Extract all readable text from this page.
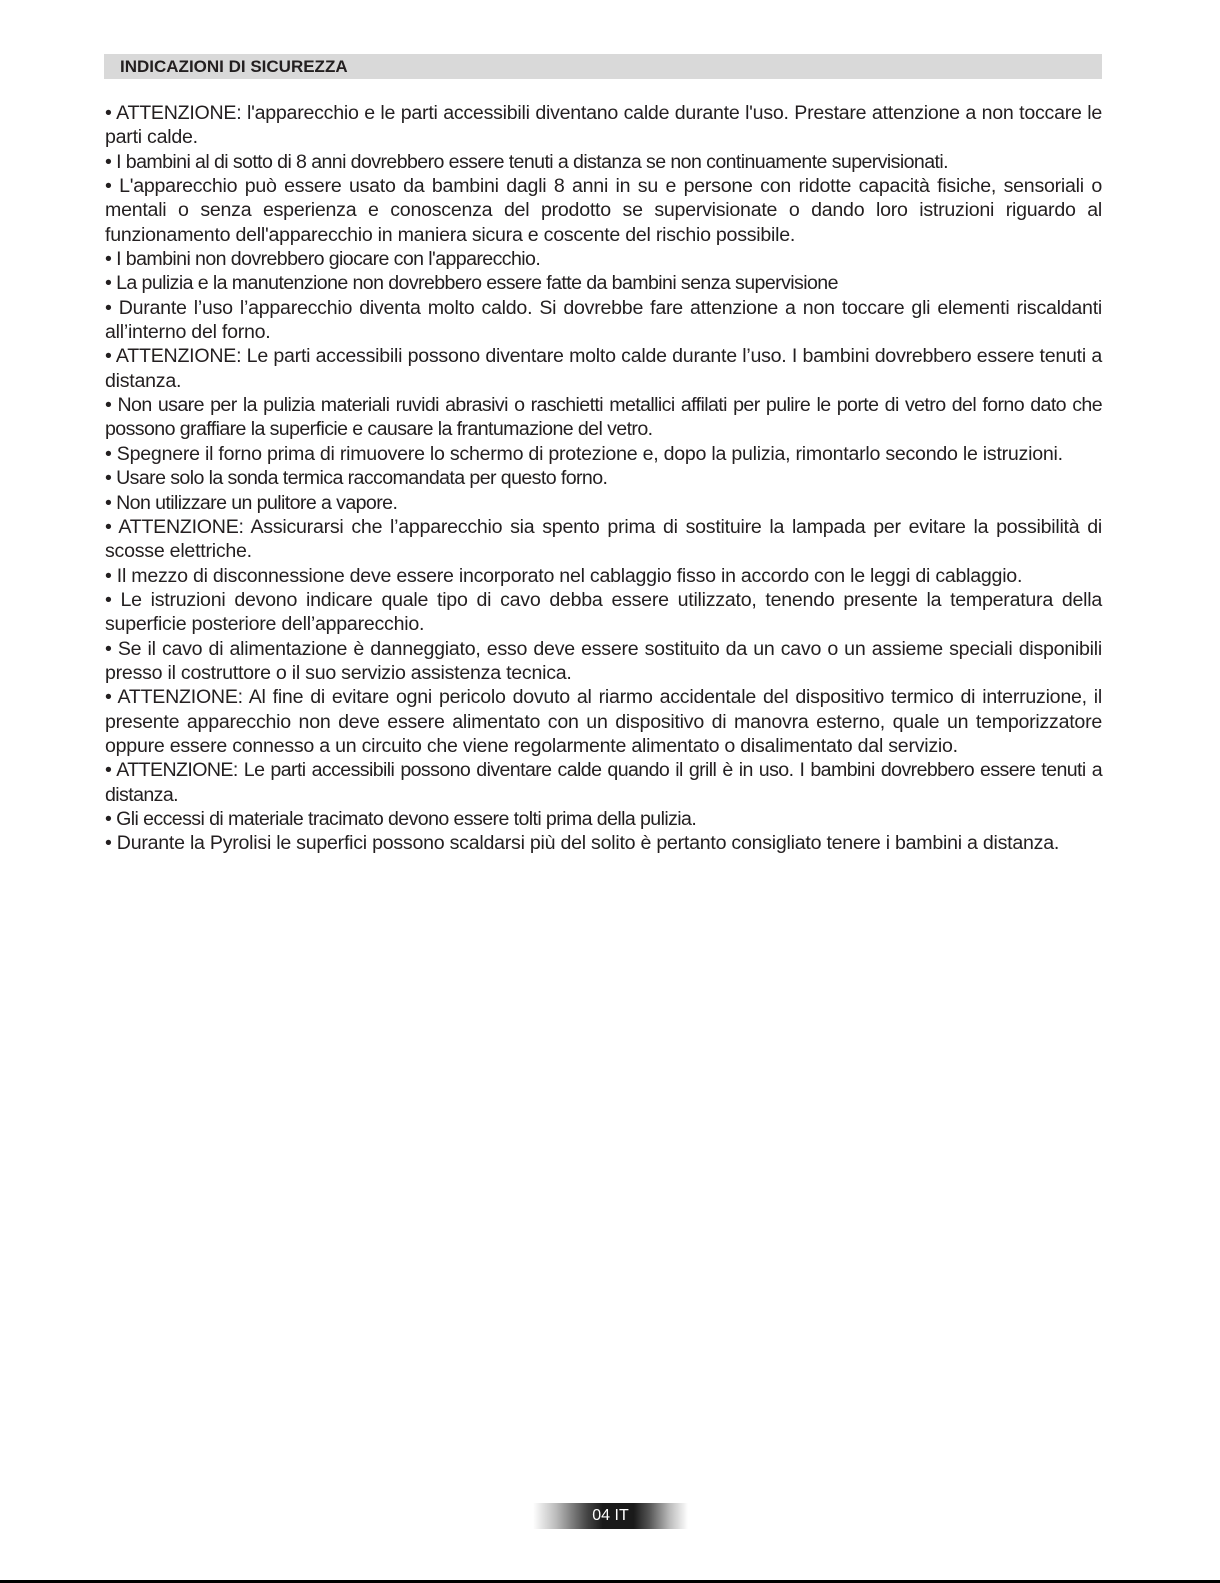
INDICAZIONI DI SICUREZZA

• ATTENZIONE: l'apparecchio e le parti accessibili diventano calde durante l'uso. Prestare attenzione a non toccare le parti calde.

• I bambini al di sotto di 8 anni dovrebbero essere tenuti a distanza se non continuamente supervisionati.

• L'apparecchio può essere usato da bambini dagli 8 anni in su e persone con ridotte capacità fisiche, sensoriali o mentali o senza esperienza e conoscenza del prodotto se supervisionate o dando loro istruzioni riguardo al funzionamento dell'apparecchio in maniera sicura e coscente del rischio possibile.

• I bambini non dovrebbero giocare con l'apparecchio.

• La pulizia e la manutenzione non dovrebbero essere fatte da bambini senza supervisione

• Durante l’uso l’apparecchio diventa molto caldo. Si dovrebbe fare attenzione a non toccare gli elementi riscaldanti all’interno del forno.

• ATTENZIONE: Le parti accessibili possono diventare molto calde durante l’uso. I bambini dovrebbero essere tenuti a distanza.

• Non usare per la pulizia materiali ruvidi abrasivi o raschietti metallici affilati per pulire le porte di vetro del forno dato che possono graffiare la superficie e causare la frantumazione del vetro.

• Spegnere il forno prima di rimuovere lo schermo di protezione e, dopo la pulizia, rimontarlo secondo le istruzioni.

• Usare solo la sonda termica raccomandata per questo forno.

• Non utilizzare un pulitore a vapore.

• ATTENZIONE: Assicurarsi che l’apparecchio sia spento prima di sostituire la lampada per evitare la possibilità di scosse elettriche.

• Il mezzo di disconnessione deve essere incorporato nel cablaggio fisso in accordo con le leggi di cablaggio.

• Le istruzioni devono indicare quale tipo di cavo debba essere utilizzato, tenendo presente la temperatura della superficie posteriore dell’apparecchio.

• Se il cavo di alimentazione è danneggiato, esso deve essere sostituito da un cavo o un assieme speciali disponibili presso il costruttore o il suo servizio assistenza tecnica.

• ATTENZIONE: Al fine di evitare ogni pericolo dovuto al riarmo accidentale del dispositivo termico di interruzione, il presente apparecchio non deve essere alimentato con un dispositivo di manovra esterno, quale un temporizzatore oppure essere connesso a un circuito che viene regolarmente alimentato o disalimentato dal servizio.

• ATTENZIONE: Le parti accessibili possono diventare calde quando il grill è in uso. I bambini dovrebbero essere tenuti a distanza.

• Gli eccessi di materiale tracimato devono essere tolti prima della pulizia.

• Durante la Pyrolisi le superfici possono scaldarsi più del solito è pertanto consigliato tenere i bambini a distanza.

04 IT
